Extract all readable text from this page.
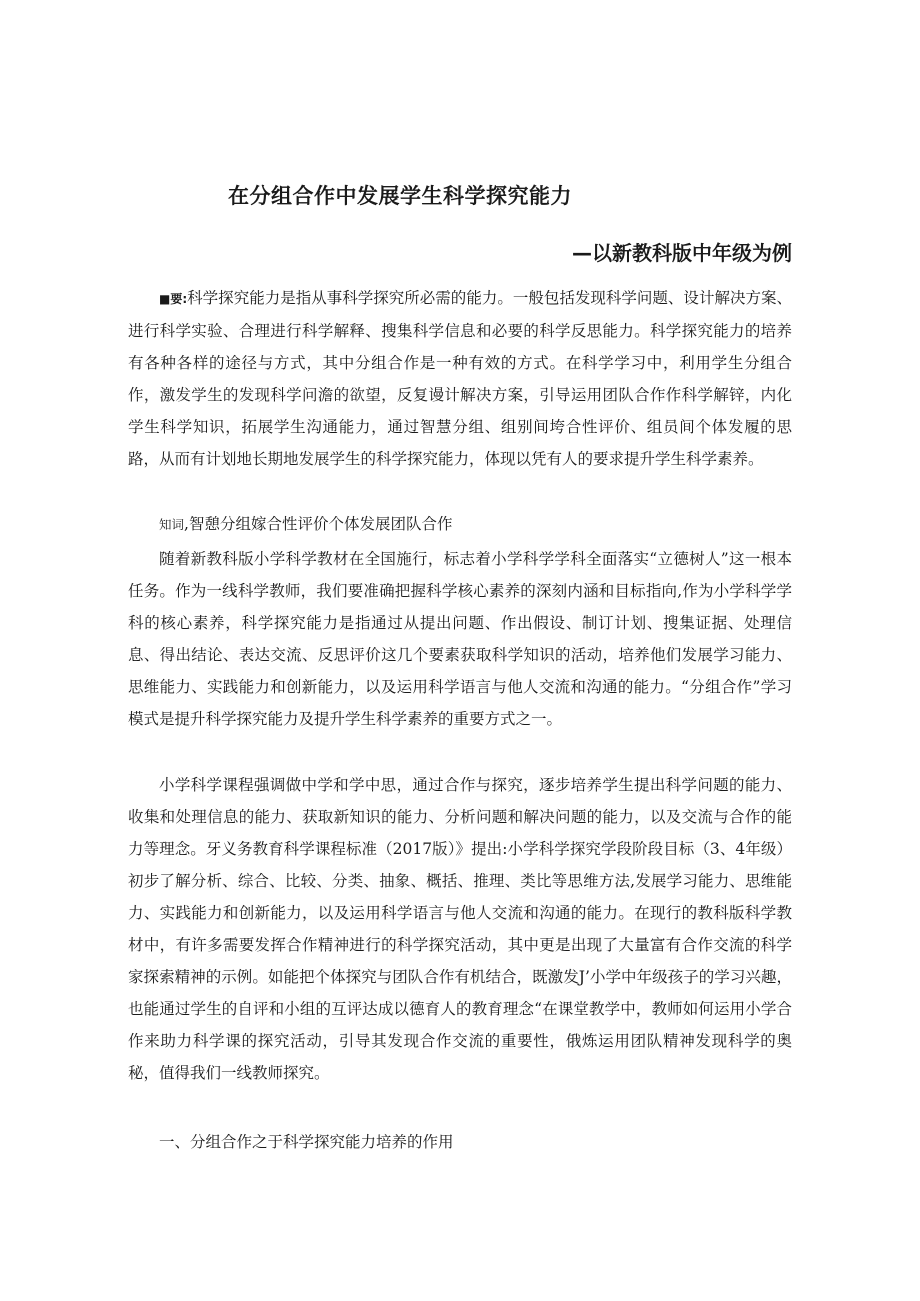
在分组合作中发展学生科学探究能力
—以新教科版中年级为例

■要:科学探究能力是指从事科学探究所必需的能力。一般包括发现科学问题、设计解决方案、进行科学实验、合理进行科学解释、搜集科学信息和必要的科学反思能力。科学探究能力的培养有各种各样的途径与方式，其中分组合作是一种有效的方式。在科学学习中，利用学生分组合作，激发学生的发现科学问澹的欲望，反复谩计解决方案，引导运用团队合作作科学解锌，内化学生科学知识，拓展学生沟通能力，通过智慧分组、组别间垮合性评价、组员间个体发履的思路，从而有计划地长期地发展学生的科学探究能力，体现以凭有人的要求提升学生科学素养。

知词,智憩分组嫁合性评价个体发展团队合作

随着新教科版小学科学教材在全国施行，标志着小学科学学科全面落实“立德树人”这一根本任务。作为一线科学教师，我们要准确把握科学核心素养的深刻内涵和目标指向,作为小学科学学科的核心素养，科学探究能力是指通过从提出问题、作出假设、制订计划、搜集证据、处理信息、得出结论、表达交流、反思评价这几个要素获取科学知识的活动，培养他们发展学习能力、思维能力、实践能力和创新能力，以及运用科学语言与他人交流和沟通的能力。“分组合作”学习模式是提升科学探究能力及提升学生科学素养的重要方式之一。

小学科学课程强调做中学和学中思，通过合作与探究，逐步培养学生提出科学问题的能力、收集和处理信息的能力、获取新知识的能力、分析问题和解决问题的能力，以及交流与合作的能力等理念。牙义务教育科学课程标准（2017版）》提出:小学科学探究学段阶段目标（3、4年级）初步了解分析、综合、比较、分类、抽象、概括、推理、类比等思维方法,发展学习能力、思维能力、实践能力和创新能力，以及运用科学语言与他人交流和沟通的能力。在现行的教科版科学教材中，有许多需要发挥合作精神进行的科学探究活动，其中更是出现了大量富有合作交流的科学家探索精神的示例。如能把个体探究与团队合作有机结合，既激发J’小学中年级孩子的学习兴趣，也能通过学生的自评和小组的互评达成以德育人的教育理念“在课堂教学中，教师如何运用小学合作来助力科学课的探究活动，引导其发现合作交流的重要性，俄炼运用团队精神发现科学的奥秘，值得我们一线教师探究。

一、分组合作之于科学探究能力培养的作用
